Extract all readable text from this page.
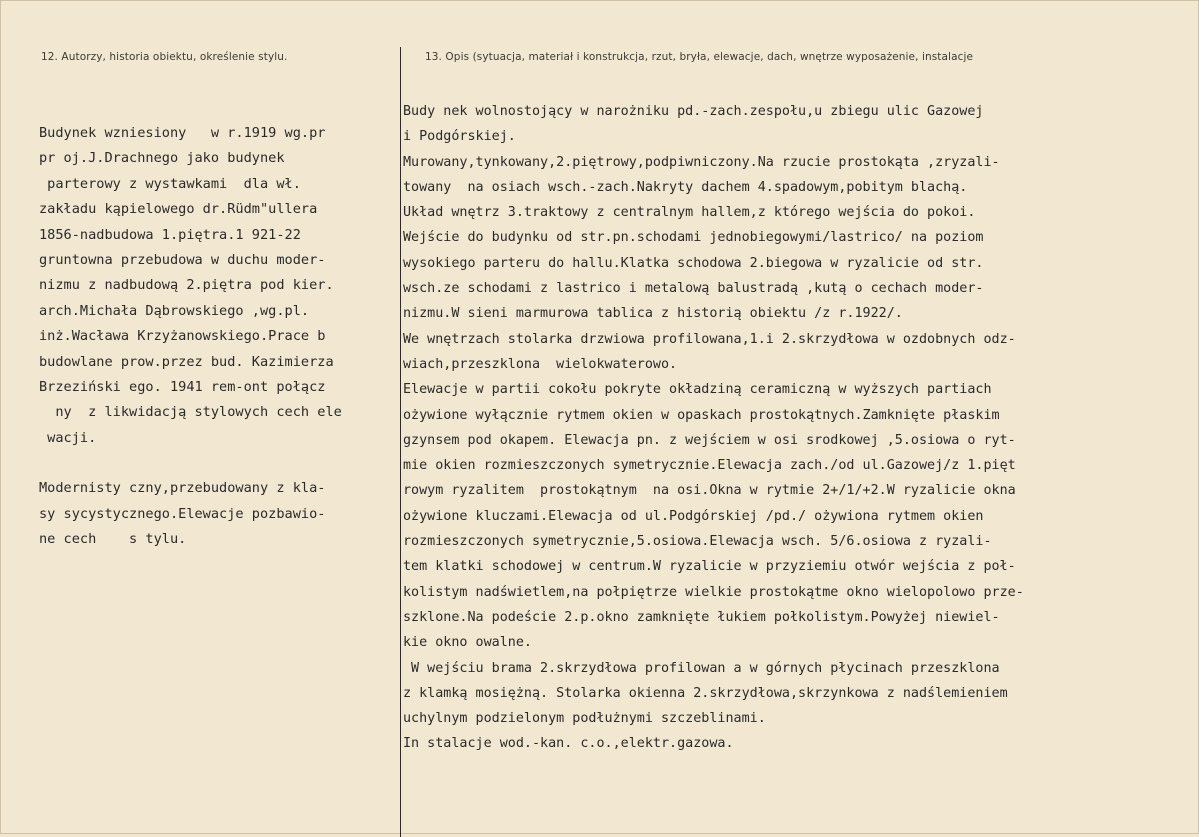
12. Autorzy, historia obiektu, określenie stylu.	13. Opis (sytuacja, materiał i konstrukcja, rzut, bryła, elewacje, dach, wnętrze wyposażenie, instalacje
Budynek wzniesiony   w r.1919 wg.pr
pr oj.J.Drachnego jako budynek
parterowy z wystawkami  dla wł.
zakładu kąpielowego dr.Rüdm"ullera
1856-nadbudowa 1.piętra.1 921-22
gruntowna przebudowa w duchu moder-
nizmu z nadbudową 2.piętra pod kier.
arch.Michała Dąbrowskiego ,wg.pl.
inż.Wacława Krzyżanowskiego.Prace b
budowlane prow.przez bud. Kazimierza
Brzeziński ego. 1941 rem-ont połącz
ny  z likwidacją stylowych cech ele
wacji.
Modernisty czny,przebudowany z kla-
sy sycystycznego.Elewacje pozbawio-
ne cech    s tylu.
Budy nek wolnostojący w narożniku pd.-zach.zespołu,u zbiegu ulic Gazowej
i Podgórskiej.
Murowany,tynkowany,2.piętrowy,podpiwniczony.Na rzucie prostokąta ,zryzali-
towany  na osiach wsch.-zach.Nakryty dachem 4.spadowym,pobitym blachą.
Układ wnętrz 3.traktowy z centralnym hallem,z którego wejścia do pokoi.
Wejście do budynku od str.pn.schodami jednobiegowymi/lastrico/ na poziom
wysokiego parteru do hallu.Klatka schodowa 2.biegowa w ryzalicie od str.
wsch.ze schodami z lastrico i metalową balustradą ,kutą o cechach moder-
nizmu.W sieni marmurowa tablica z historią obiektu /z r.1922/.
We wnętrzach stolarka drzwiowa profilowana,1.i 2.skrzydłowa w ozdobnych odz-
wiach,przeszklona  wielokwaterowo.
Elewacje w partii cokołu pokryte okładziną ceramiczną w wyższych partiach
ożywione wyłącznie rytmem okien w opaskach prostokątnych.Zamknięte płaskim
gzynsem pod okapem. Elewacja pn. z wejściem w osi srodkowej ,5.osiowa o ryt-
mie okien rozmieszczonych symetrycznie.Elewacja zach./od ul.Gazowej/z 1.pięt
rowym ryzalitem  prostokątnym  na osi.Okna w rytmie 2+/1/+2.W ryzalicie okna
ożywione kluczami.Elewacja od ul.Podgórskiej /pd./ ożywiona rytmem okien
rozmieszczonych symetrycznie,5.osiowa.Elewacja wsch. 5/6.osiowa z ryzali-
tem klatki schodowej w centrum.W ryzalicie w przyziemiu otwór wejścia z poł-
kolistym nadświetlem,na połpiętrze wielkie prostokątme okno wielopolowo prze-
szklone.Na podeście 2.p.okno zamknięte łukiem połkolistym.Powyżej niewiel-
kie okno owalne.
W wejściu brama 2.skrzydłowa profilowan a w górnych płycinach przeszklona
z klamką mosiężną. Stolarka okienna 2.skrzydłowa,skrzynkowa z nadślemieniem
uchylnym podzielonym podłużnymi szczeblinami.
In stalacje wod.-kan. c.o.,elektr.gazowa.
